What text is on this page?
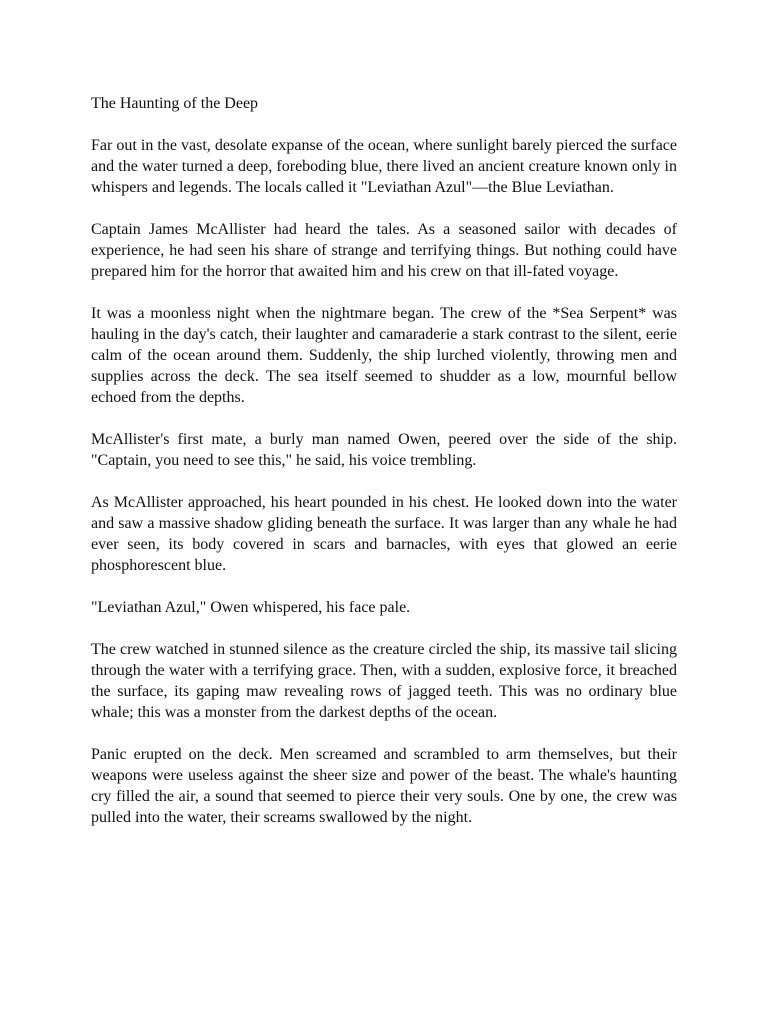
The Haunting of the Deep

Far out in the vast, desolate expanse of the ocean, where sunlight barely pierced the surface and the water turned a deep, foreboding blue, there lived an ancient creature known only in whispers and legends. The locals called it "Leviathan Azul"—the Blue Leviathan.

Captain James McAllister had heard the tales. As a seasoned sailor with decades of experience, he had seen his share of strange and terrifying things. But nothing could have prepared him for the horror that awaited him and his crew on that ill-fated voyage.

It was a moonless night when the nightmare began. The crew of the *Sea Serpent* was hauling in the day's catch, their laughter and camaraderie a stark contrast to the silent, eerie calm of the ocean around them. Suddenly, the ship lurched violently, throwing men and supplies across the deck. The sea itself seemed to shudder as a low, mournful bellow echoed from the depths.

McAllister's first mate, a burly man named Owen, peered over the side of the ship. "Captain, you need to see this," he said, his voice trembling.

As McAllister approached, his heart pounded in his chest. He looked down into the water and saw a massive shadow gliding beneath the surface. It was larger than any whale he had ever seen, its body covered in scars and barnacles, with eyes that glowed an eerie phosphorescent blue.

"Leviathan Azul," Owen whispered, his face pale.

The crew watched in stunned silence as the creature circled the ship, its massive tail slicing through the water with a terrifying grace. Then, with a sudden, explosive force, it breached the surface, its gaping maw revealing rows of jagged teeth. This was no ordinary blue whale; this was a monster from the darkest depths of the ocean.

Panic erupted on the deck. Men screamed and scrambled to arm themselves, but their weapons were useless against the sheer size and power of the beast. The whale's haunting cry filled the air, a sound that seemed to pierce their very souls. One by one, the crew was pulled into the water, their screams swallowed by the night.
